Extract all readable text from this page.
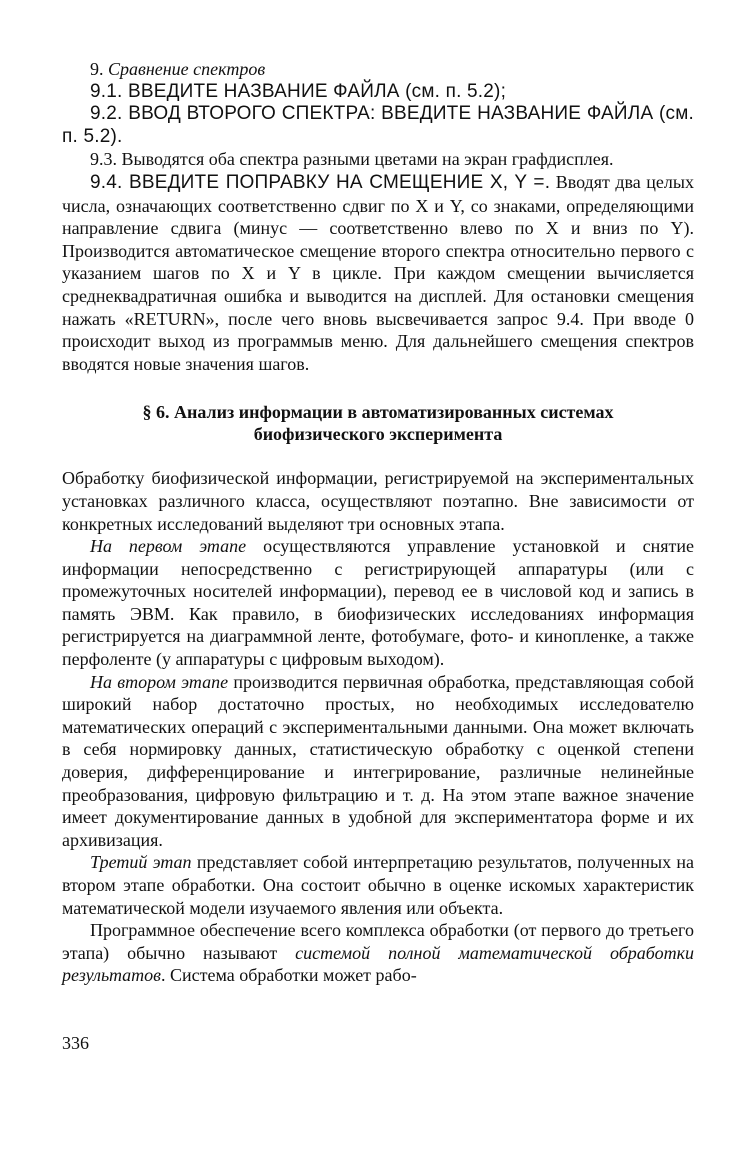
9. Сравнение спектров

9.1. ВВЕДИТЕ НАЗВАНИЕ ФАЙЛА (см. п. 5.2);

9.2. ВВОД ВТОРОГО СПЕКТРА: ВВЕДИТЕ НАЗВАНИЕ ФАЙЛА (см. п. 5.2).

9.3. Выводятся оба спектра разными цветами на экран графдисплея.

9.4. ВВЕДИТЕ ПОПРАВКУ НА СМЕЩЕНИЕ X, Y =. Вводят два целых числа, означающих соответственно сдвиг по X и Y, со знаками, определяющими направление сдвига (минус — соответственно влево по X и вниз по Y). Производится автоматическое смещение второго спектра относительно первого с указанием шагов по X и Y в цикле. При каждом смещении вычисляется среднеквадратичная ошибка и выводится на дисплей. Для остановки смещения нажать «RETURN», после чего вновь высвечивается запрос 9.4. При вводе 0 происходит выход из программыв меню. Для дальнейшего смещения спектров вводятся новые значения шагов.

§ 6. Анализ информации в автоматизированных системах
биофизического эксперимента

Обработку биофизической информации, регистрируемой на экспериментальных установках различного класса, осуществляют поэтапно. Вне зависимости от конкретных исследований выделяют три основных этапа.

На первом этапе осуществляются управление установкой и снятие информации непосредственно с регистрирующей аппаратуры (или с промежуточных носителей информации), перевод ее в числовой код и запись в память ЭВМ. Как правило, в биофизических исследованиях информация регистрируется на диаграммной ленте, фотобумаге, фото- и кинопленке, а также перфоленте (у аппаратуры с цифровым выходом).

На втором этапе производится первичная обработка, представляющая собой широкий набор достаточно простых, но необходимых исследователю математических операций с экспериментальными данными. Она может включать в себя нормировку данных, статистическую обработку с оценкой степени доверия, дифференцирование и интегрирование, различные нелинейные преобразования, цифровую фильтрацию и т. д. На этом этапе важное значение имеет документирование данных в удобной для экспериментатора форме и их архивизация.

Третий этап представляет собой интерпретацию результатов, полученных на втором этапе обработки. Она состоит обычно в оценке искомых характеристик математической модели изучаемого явления или объекта.

Программное обеспечение всего комплекса обработки (от первого до третьего этапа) обычно называют системой полной математической обработки результатов. Система обработки может рабо-

336
